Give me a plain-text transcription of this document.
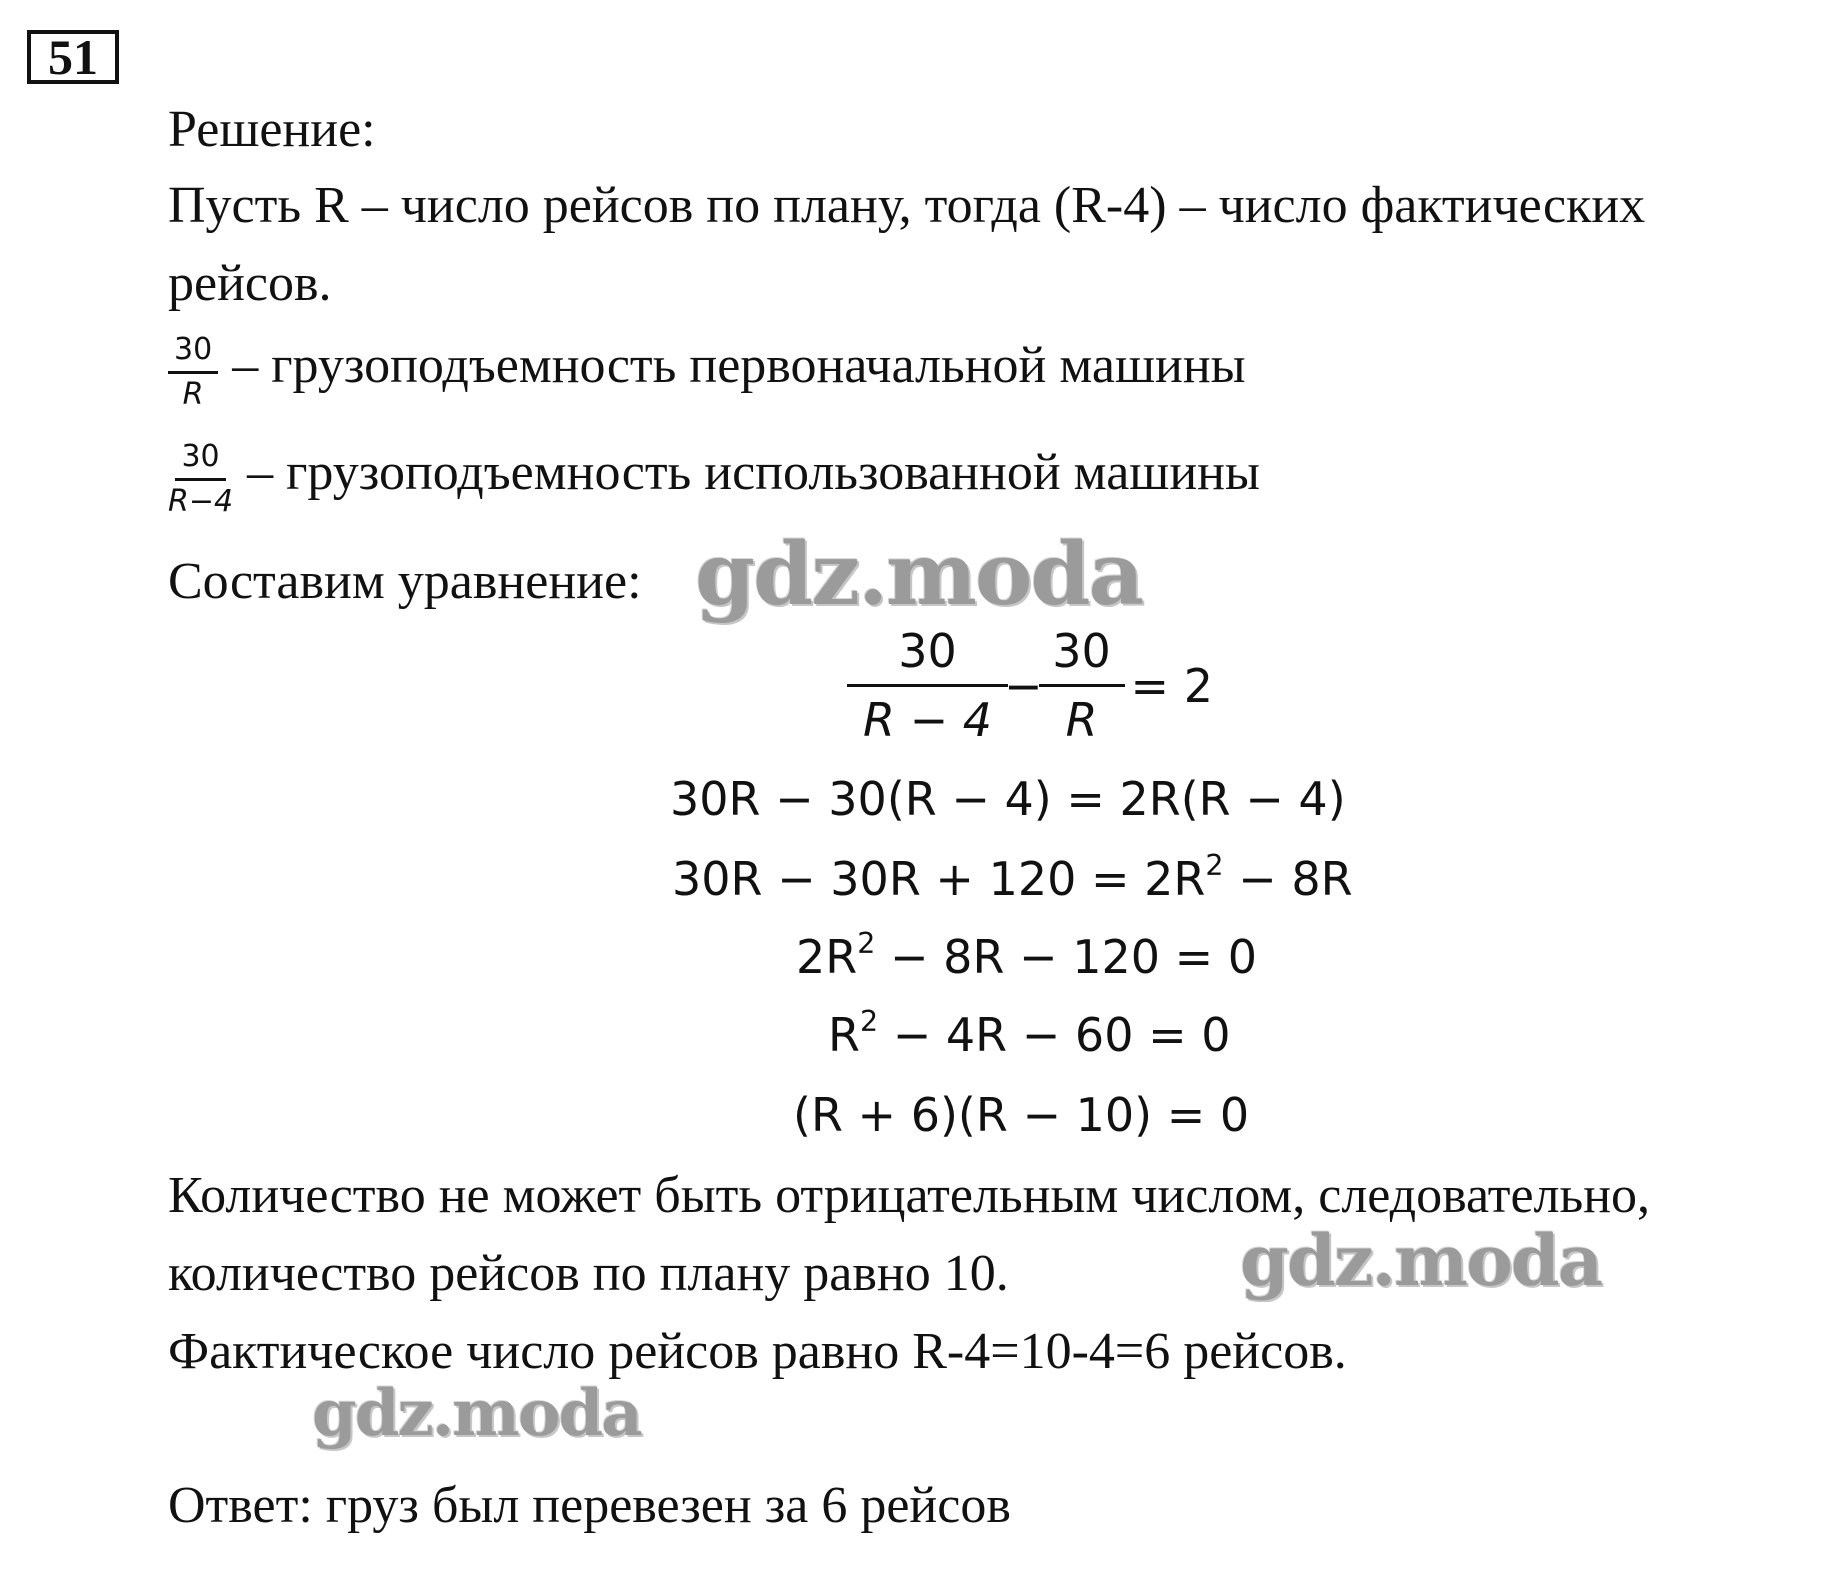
51
Решение:
Пусть R – число рейсов по плану, тогда (R-4) – число фактических
рейсов.
$\frac{30}{R}$ – грузоподъемность первоначальной машины
$\frac{30}{R-4}$ – грузоподъемность использованной машины
Составим уравнение:
$\frac{30}{R - 4} - \frac{30}{R} = 2$
30R − 30(R − 4) = 2R(R − 4)
$30R - 30R + 120 = 2R^2 - 8R$
$2R^2 - 8R - 120 = 0$
$R^2 - 4R - 60 = 0$
(R + 6)(R − 10) = 0
Количество не может быть отрицательным числом, следовательно,
количество рейсов по плану равно 10.
Фактическое число рейсов равно R-4=10-4=6 рейсов.
Ответ: груз был перевезен за 6 рейсов
gdz.moda
gdz.moda
gdz.moda
